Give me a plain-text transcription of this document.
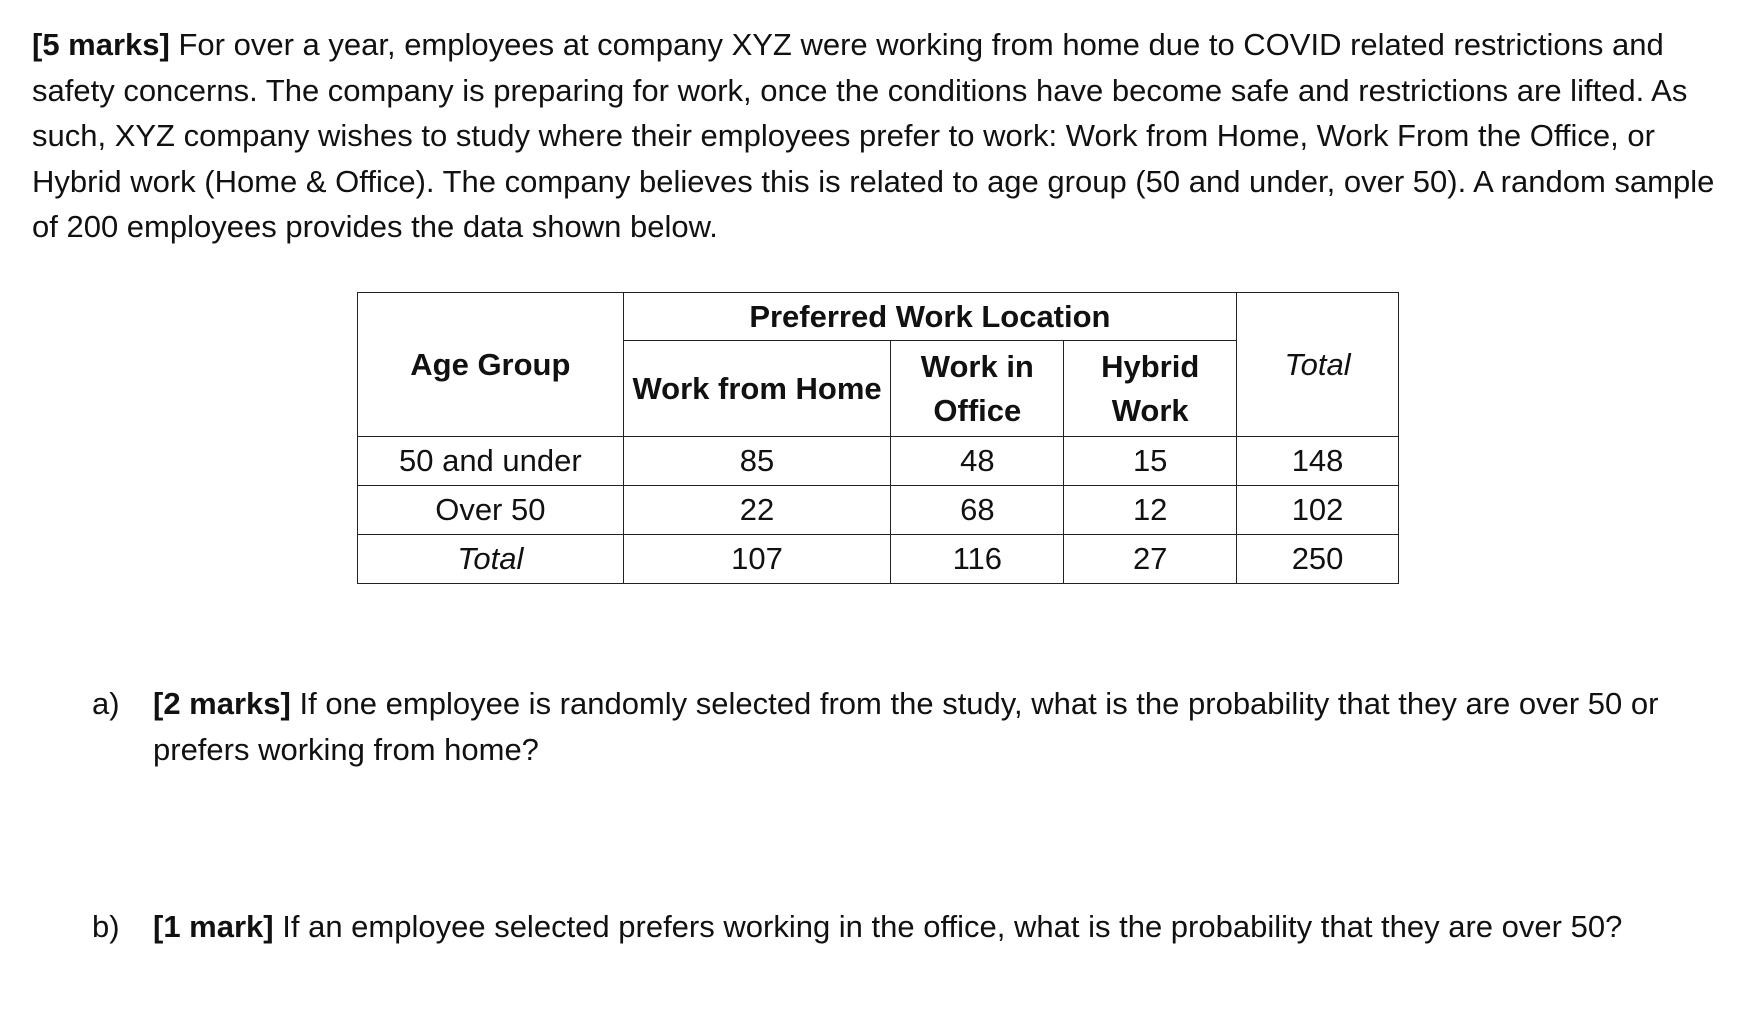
[5 marks] For over a year, employees at company XYZ were working from home due to COVID related restrictions and safety concerns. The company is preparing for work, once the conditions have become safe and restrictions are lifted. As such, XYZ company wishes to study where their employees prefer to work: Work from Home, Work From the Office, or Hybrid work (Home & Office). The company believes this is related to age group (50 and under, over 50). A random sample of 200 employees provides the data shown below.

Age Group	Preferred Work Location			Total
	Work from Home	Work in Office	Hybrid Work	
50 and under	85	48	15	148
Over 50	22	68	12	102
Total	107	116	27	250
a) [2 marks] If one employee is randomly selected from the study, what is the probability that they are over 50 or prefers working from home?
b) [1 mark] If an employee selected prefers working in the office, what is the probability that they are over 50?
